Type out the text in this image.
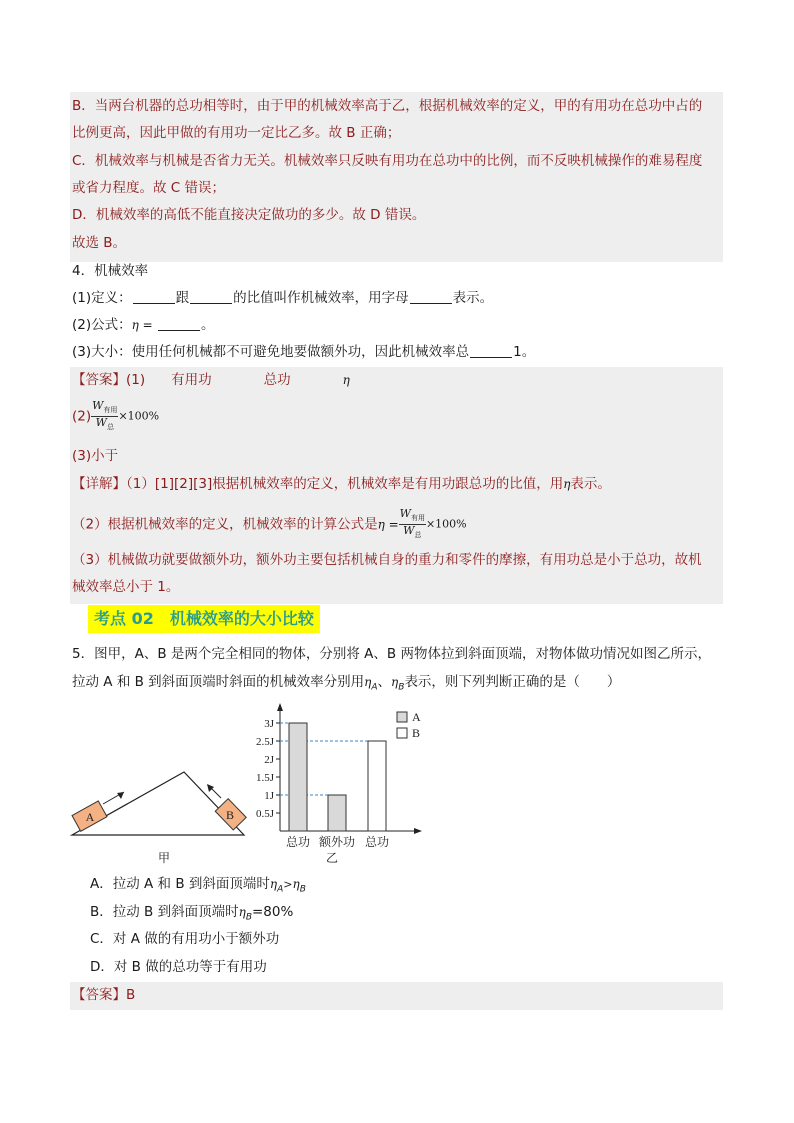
B．当两台机器的总功相等时，由于甲的机械效率高于乙，根据机械效率的定义，甲的有用功在总功中占的
比例更高，因此甲做的有用功一定比乙多。故 B 正确；
C．机械效率与机械是否省力无关。机械效率只反映有用功在总功中的比例，而不反映机械操作的难易程度
或省力程度。故 C 错误；
D．机械效率的高低不能直接决定做功的多少。故 D 错误。
故选 B。
4．机械效率
(1)定义：	跟	的比值叫作机械效率，用字母	表示。
(2)公式：η =	。
(3)大小：使用任何机械都不可避免地要做额外功，因此机械效率总	1。
【答案】(1) 有用功	总功	η
$(2) \frac{W_{有用}}{W_总} \times 100\%$
(3)小于
【详解】（1）[1][2][3]根据机械效率的定义，机械效率是有用功跟总功的比值，用η表示。
（2）根据机械效率的定义，机械效率的计算公式是$\eta = \frac{W_{有用}}{W_总} \times 100\%$
（3）机械做功就要做额外功，额外功主要包括机械自身的重力和零件的摩擦，有用功总是小于总功，故机
械效率总小于 1。
考点 02　机械效率的大小比较
5．图甲，A、B 是两个完全相同的物体，分别将 A、B 两物体拉到斜面顶端，对物体做功情况如图乙所示，
拉动 A 和 B 到斜面顶端时斜面的机械效率分别用$\eta_A$、$\eta_B$表示，则下列判断正确的是（　　）
A	B
甲
0.5J
1J
1.5J
2J
2.5J
3J
总功 额外功 总功
A
B
乙
A．拉动 A 和 B 到斜面顶端时$\eta_A>\eta_B$
B．拉动 B 到斜面顶端时$\eta_B=80\%$
C．对 A 做的有用功小于额外功
D．对 B 做的总功等于有用功
【答案】B
